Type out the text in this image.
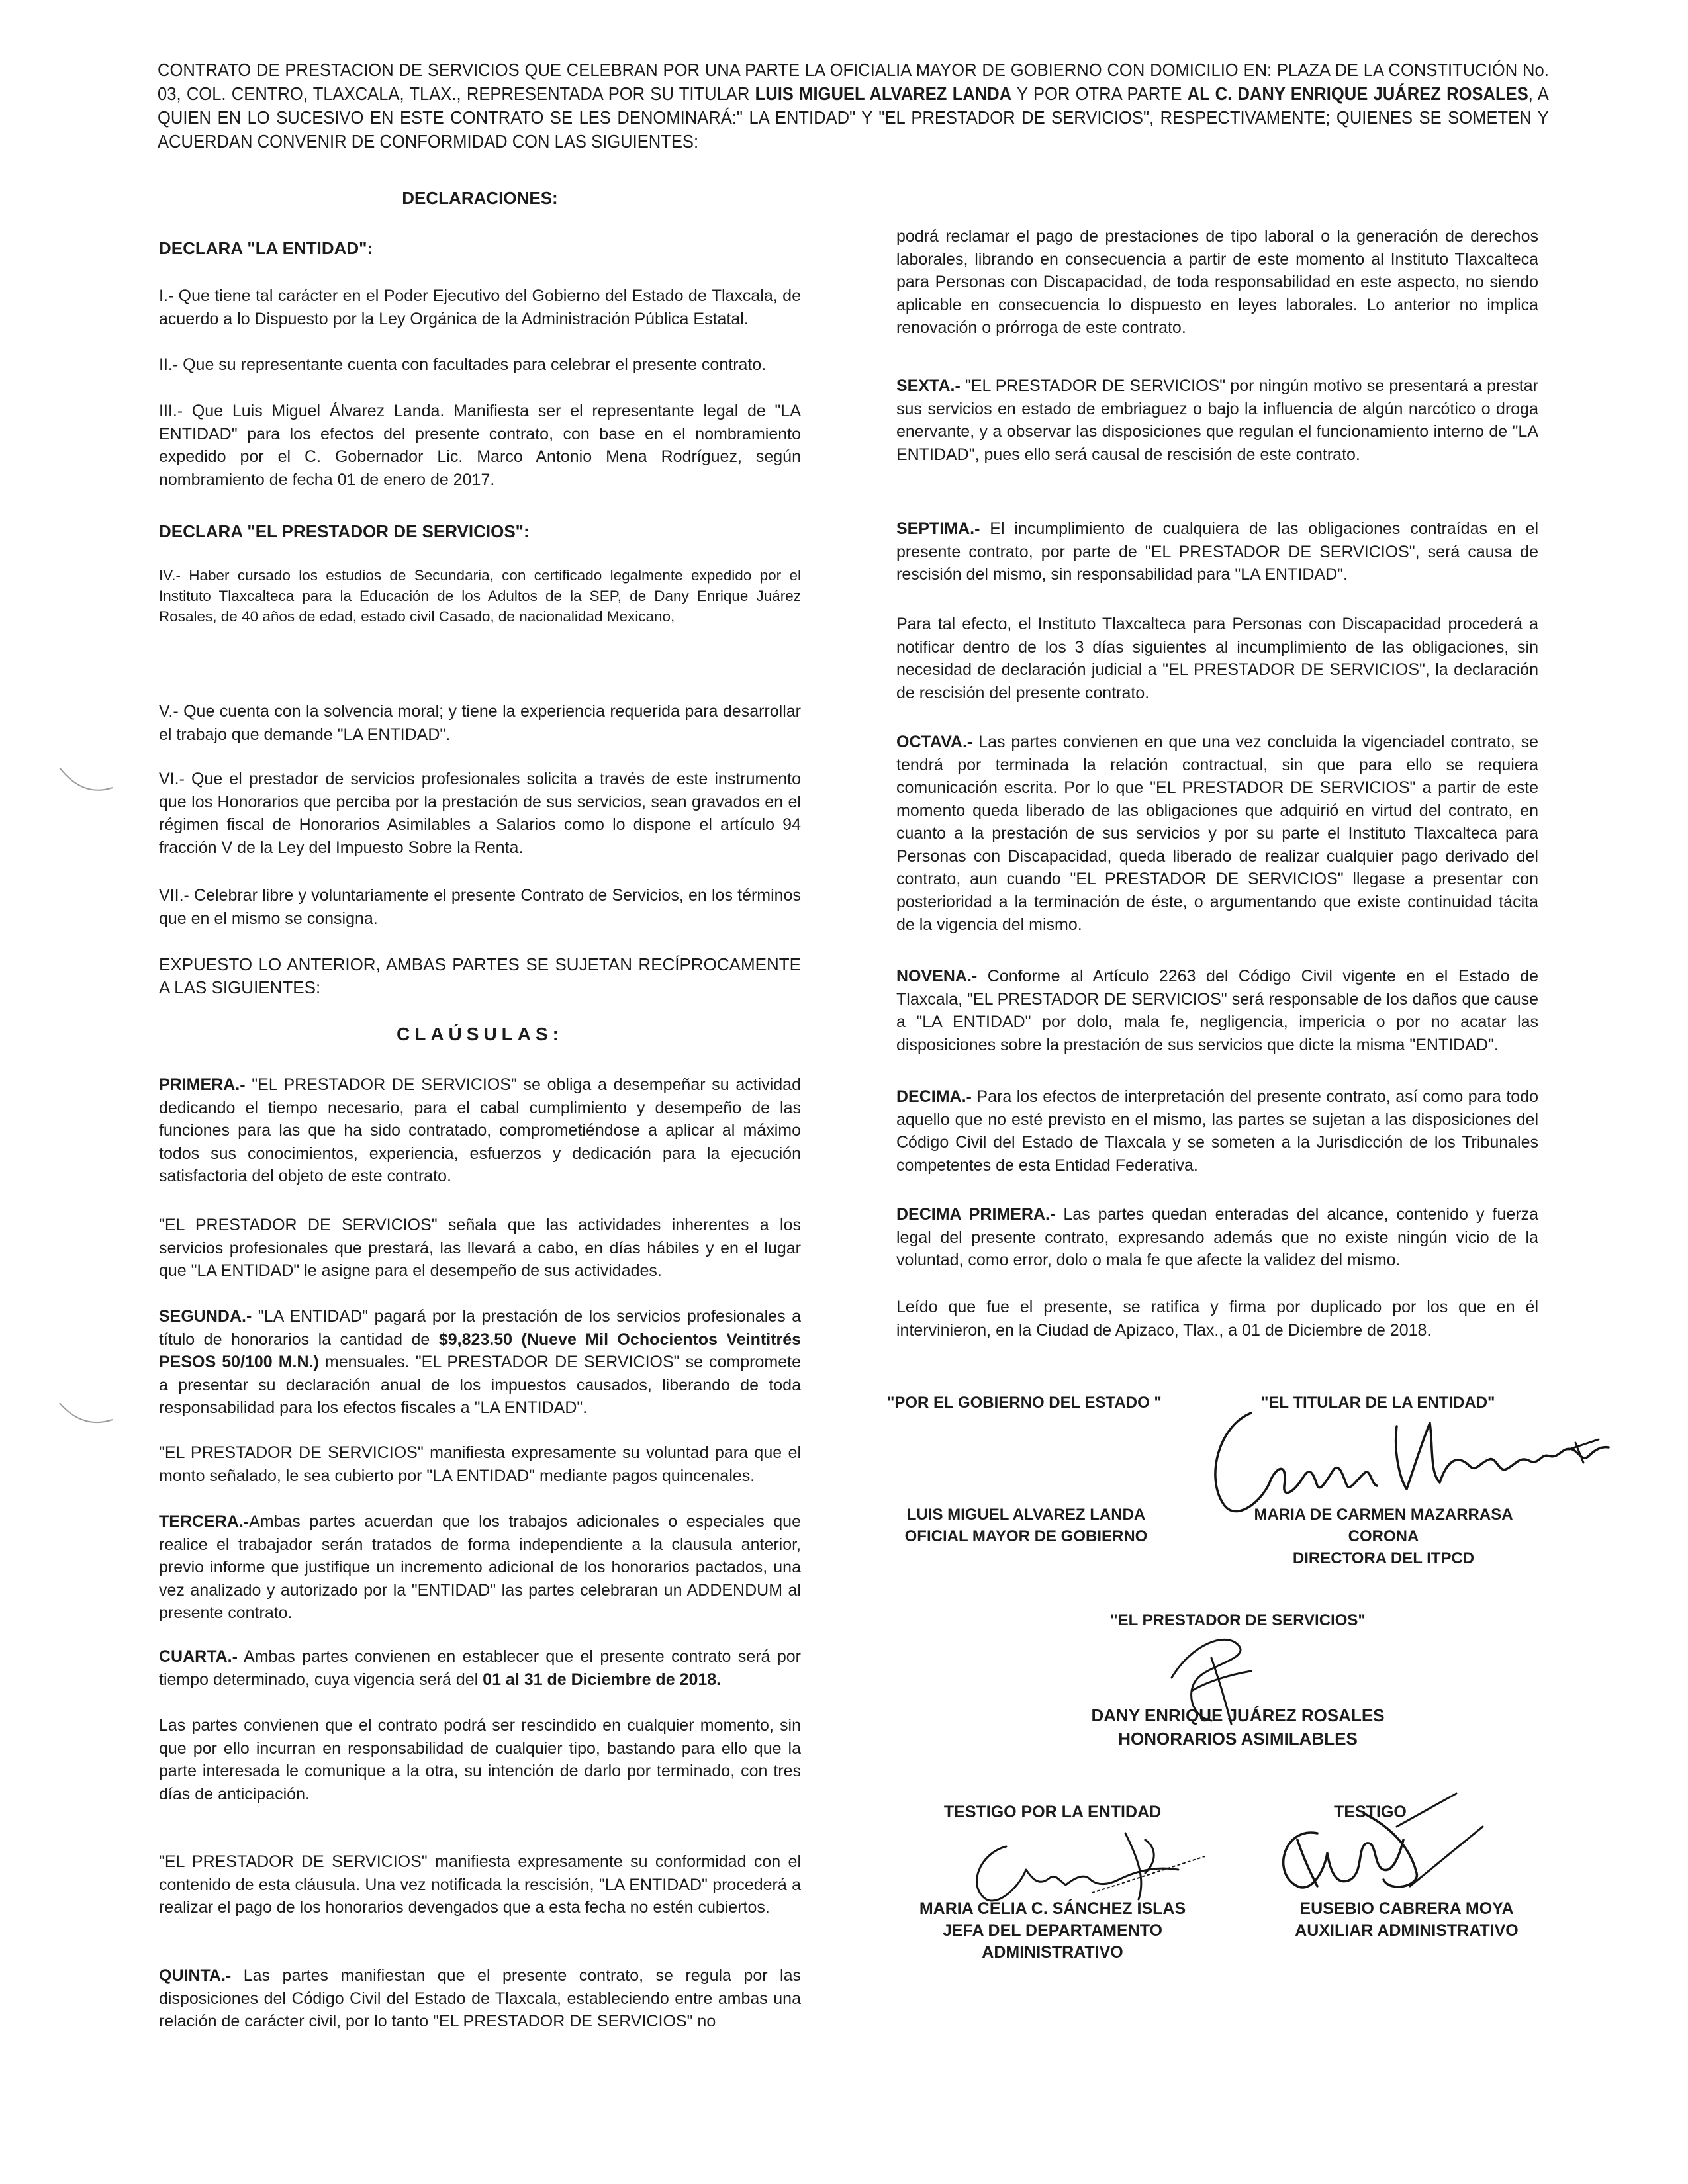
CONTRATO DE PRESTACION DE SERVICIOS QUE CELEBRAN POR UNA PARTE LA OFICIALIA MAYOR DE GOBIERNO CON DOMICILIO EN: PLAZA DE LA CONSTITUCIÓN No. 03, COL. CENTRO, TLAXCALA, TLAX., REPRESENTADA POR SU TITULAR LUIS MIGUEL ALVAREZ LANDA Y POR OTRA PARTE AL C. DANY ENRIQUE JUÁREZ ROSALES, A QUIEN EN LO SUCESIVO EN ESTE CONTRATO SE LES DENOMINARÁ:" LA ENTIDAD" Y "EL PRESTADOR DE SERVICIOS", RESPECTIVAMENTE; QUIENES SE SOMETEN Y ACUERDAN CONVENIR DE CONFORMIDAD CON LAS SIGUIENTES:
DECLARACIONES:
DECLARA "LA ENTIDAD":
I.- Que tiene tal carácter en el Poder Ejecutivo del Gobierno del Estado de Tlaxcala, de acuerdo a lo Dispuesto por la Ley Orgánica de la Administración Pública Estatal.
II.- Que su representante cuenta con facultades para celebrar el presente contrato.
III.- Que Luis Miguel Álvarez Landa. Manifiesta ser el representante legal de "LA ENTIDAD" para los efectos del presente contrato, con base en el nombramiento expedido por el C. Gobernador Lic. Marco Antonio Mena Rodríguez, según nombramiento de fecha 01 de enero de 2017.
DECLARA "EL PRESTADOR DE SERVICIOS":
IV.- Haber cursado los estudios de Secundaria, con certificado legalmente expedido por el Instituto Tlaxcalteca para la Educación de los Adultos de la SEP, de Dany Enrique Juárez Rosales, de 40 años de edad, estado civil Casado, de nacionalidad Mexicano,
V.- Que cuenta con la solvencia moral; y tiene la experiencia requerida para desarrollar el trabajo que demande "LA ENTIDAD".
VI.- Que el prestador de servicios profesionales solicita a través de este instrumento que los Honorarios que perciba por la prestación de sus servicios, sean gravados en el régimen fiscal de Honorarios Asimilables a Salarios como lo dispone el artículo 94 fracción V de la Ley del Impuesto Sobre la Renta.
VII.- Celebrar libre y voluntariamente el presente Contrato de Servicios, en los términos que en el mismo se consigna.
EXPUESTO LO ANTERIOR, AMBAS PARTES SE SUJETAN RECÍPROCAMENTE A LAS SIGUIENTES:
CLAÚSULAS:
PRIMERA.- "EL PRESTADOR DE SERVICIOS" se obliga a desempeñar su actividad dedicando el tiempo necesario, para el cabal cumplimiento y desempeño de las funciones para las que ha sido contratado, comprometiéndose a aplicar al máximo todos sus conocimientos, experiencia, esfuerzos y dedicación para la ejecución satisfactoria del objeto de este contrato.
"EL PRESTADOR DE SERVICIOS" señala que las actividades inherentes a los servicios profesionales que prestará, las llevará a cabo, en días hábiles y en el lugar que "LA ENTIDAD" le asigne para el desempeño de sus actividades.
SEGUNDA.- "LA ENTIDAD" pagará por la prestación de los servicios profesionales a título de honorarios la cantidad de $9,823.50 (Nueve Mil Ochocientos Veintitrés PESOS 50/100 M.N.) mensuales. "EL PRESTADOR DE SERVICIOS" se compromete a presentar su declaración anual de los impuestos causados, liberando de toda responsabilidad para los efectos fiscales a "LA ENTIDAD".
"EL PRESTADOR DE SERVICIOS" manifiesta expresamente su voluntad para que el monto señalado, le sea cubierto por "LA ENTIDAD" mediante pagos quincenales.
TERCERA.-Ambas partes acuerdan que los trabajos adicionales o especiales que realice el trabajador serán tratados de forma independiente a la clausula anterior, previo informe que justifique un incremento adicional de los honorarios pactados, una vez analizado y autorizado por la "ENTIDAD" las partes celebraran un ADDENDUM al presente contrato.
CUARTA.- Ambas partes convienen en establecer que el presente contrato será por tiempo determinado, cuya vigencia será del 01 al 31 de Diciembre de 2018.
Las partes convienen que el contrato podrá ser rescindido en cualquier momento, sin que por ello incurran en responsabilidad de cualquier tipo, bastando para ello que la parte interesada le comunique a la otra, su intención de darlo por terminado, con tres días de anticipación.
"EL PRESTADOR DE SERVICIOS" manifiesta expresamente su conformidad con el contenido de esta cláusula. Una vez notificada la rescisión, "LA ENTIDAD" procederá a realizar el pago de los honorarios devengados que a esta fecha no estén cubiertos.
QUINTA.- Las partes manifiestan que el presente contrato, se regula por las disposiciones del Código Civil del Estado de Tlaxcala, estableciendo entre ambas una relación de carácter civil, por lo tanto "EL PRESTADOR DE SERVICIOS" no
podrá reclamar el pago de prestaciones de tipo laboral o la generación de derechos laborales, librando en consecuencia a partir de este momento al Instituto Tlaxcalteca para Personas con Discapacidad, de toda responsabilidad en este aspecto, no siendo aplicable en consecuencia lo dispuesto en leyes laborales. Lo anterior no implica renovación o prórroga de este contrato.
SEXTA.- "EL PRESTADOR DE SERVICIOS" por ningún motivo se presentará a prestar sus servicios en estado de embriaguez o bajo la influencia de algún narcótico o droga enervante, y a observar las disposiciones que regulan el funcionamiento interno de "LA ENTIDAD", pues ello será causal de rescisión de este contrato.
SEPTIMA.- El incumplimiento de cualquiera de las obligaciones contraídas en el presente contrato, por parte de "EL PRESTADOR DE SERVICIOS", será causa de rescisión del mismo, sin responsabilidad para "LA ENTIDAD".
Para tal efecto, el Instituto Tlaxcalteca para Personas con Discapacidad procederá a notificar dentro de los 3 días siguientes al incumplimiento de las obligaciones, sin necesidad de declaración judicial a "EL PRESTADOR DE SERVICIOS", la declaración de rescisión del presente contrato.
OCTAVA.- Las partes convienen en que una vez concluida la vigenciadel contrato, se tendrá por terminada la relación contractual, sin que para ello se requiera comunicación escrita. Por lo que "EL PRESTADOR DE SERVICIOS" a partir de este momento queda liberado de las obligaciones que adquirió en virtud del contrato, en cuanto a la prestación de sus servicios y por su parte el Instituto Tlaxcalteca para Personas con Discapacidad, queda liberado de realizar cualquier pago derivado del contrato, aun cuando "EL PRESTADOR DE SERVICIOS" llegase a presentar con posterioridad a la terminación de éste, o argumentando que existe continuidad tácita de la vigencia del mismo.
NOVENA.- Conforme al Artículo 2263 del Código Civil vigente en el Estado de Tlaxcala, "EL PRESTADOR DE SERVICIOS" será responsable de los daños que cause a "LA ENTIDAD" por dolo, mala fe, negligencia, impericia o por no acatar las disposiciones sobre la prestación de sus servicios que dicte la misma "ENTIDAD".
DECIMA.- Para los efectos de interpretación del presente contrato, así como para todo aquello que no esté previsto en el mismo, las partes se sujetan a las disposiciones del Código Civil del Estado de Tlaxcala y se someten a la Jurisdicción de los Tribunales competentes de esta Entidad Federativa.
DECIMA PRIMERA.- Las partes quedan enteradas del alcance, contenido y fuerza legal del presente contrato, expresando además que no existe ningún vicio de la voluntad, como error, dolo o mala fe que afecte la validez del mismo.
Leído que fue el presente, se ratifica y firma por duplicado por los que en él intervinieron, en la Ciudad de Apizaco, Tlax., a 01 de Diciembre de 2018.
"POR EL GOBIERNO DEL ESTADO "	"EL TITULAR DE LA ENTIDAD"
LUIS MIGUEL ALVAREZ LANDA
OFICIAL MAYOR DE GOBIERNO
MARIA DE CARMEN MAZARRASA
CORONA
DIRECTORA DEL ITPCD
"EL PRESTADOR DE SERVICIOS"
DANY ENRIQUE JUÁREZ ROSALES
HONORARIOS ASIMILABLES
TESTIGO POR LA ENTIDAD	TESTIGO
MARIA CELIA C. SÁNCHEZ ISLAS
JEFA DEL DEPARTAMENTO
ADMINISTRATIVO
EUSEBIO CABRERA MOYA
AUXILIAR ADMINISTRATIVO
